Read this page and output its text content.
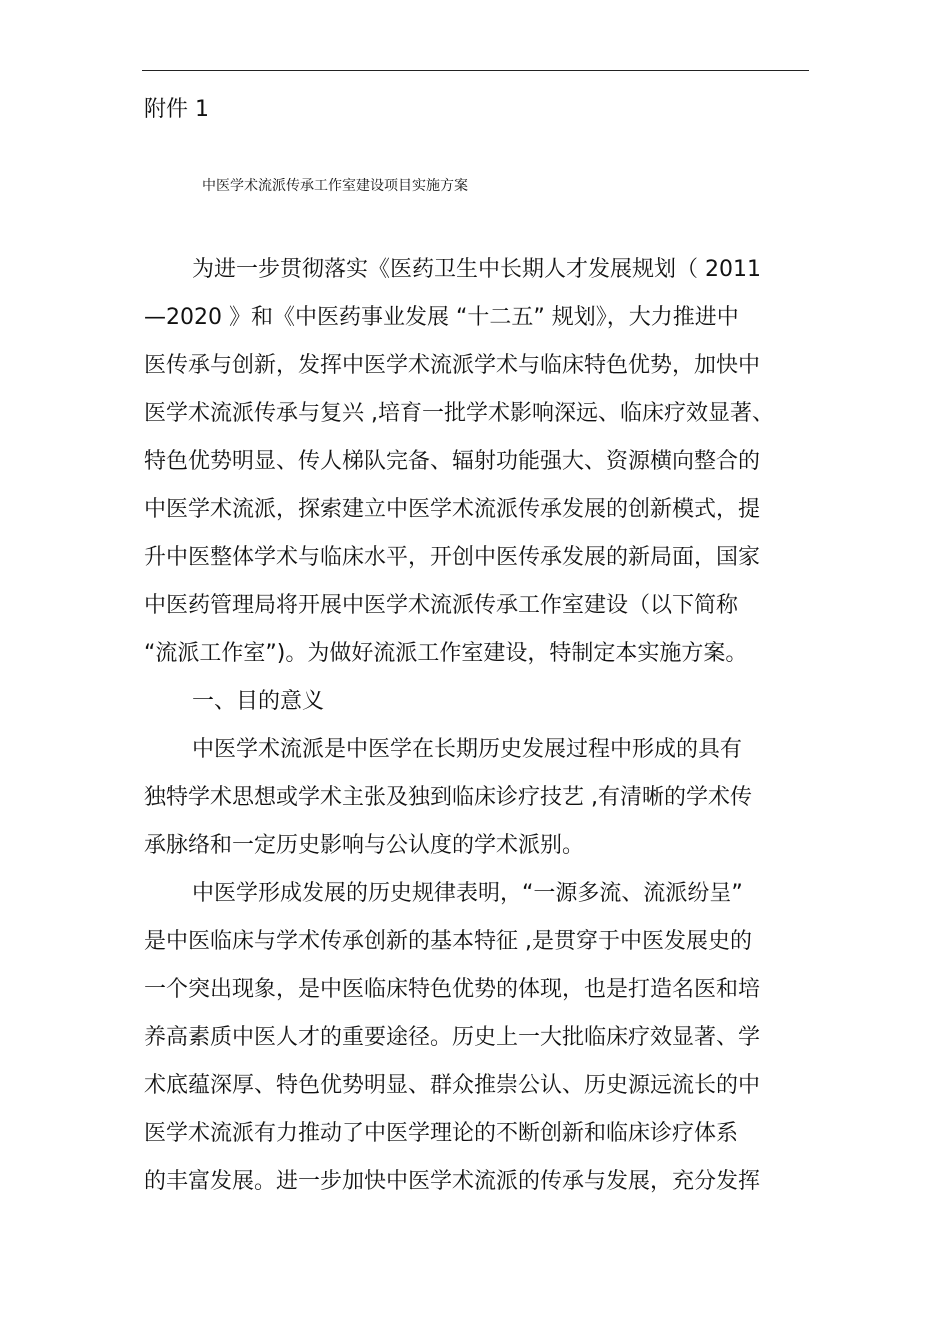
附件 1
中医学术流派传承工作室建设项目实施方案
为进一步贯彻落实《医药卫生中长期人才发展规划（ 2011
—2020 》和《中医药事业发展 “十二五” 规划》，大力推进中
医传承与创新，发挥中医学术流派学术与临床特色优势，加快中
医学术流派传承与复兴 ,培育一批学术影响深远、临床疗效显著、
特色优势明显、传人梯队完备、辐射功能强大、资源横向整合的
中医学术流派，探索建立中医学术流派传承发展的创新模式，提
升中医整体学术与临床水平，开创中医传承发展的新局面，国家
中医药管理局将开展中医学术流派传承工作室建设（以下简称
“流派工作室”)。为做好流派工作室建设，特制定本实施方案。
一、目的意义
中医学术流派是中医学在长期历史发展过程中形成的具有
独特学术思想或学术主张及独到临床诊疗技艺 ,有清晰的学术传
承脉络和一定历史影响与公认度的学术派别。
中医学形成发展的历史规律表明，“一源多流、流派纷呈”
是中医临床与学术传承创新的基本特征 ,是贯穿于中医发展史的
一个突出现象，是中医临床特色优势的体现，也是打造名医和培
养高素质中医人才的重要途径。历史上一大批临床疗效显著、学
术底蕴深厚、特色优势明显、群众推崇公认、历史源远流长的中
医学术流派有力推动了中医学理论的不断创新和临床诊疗体系
的丰富发展。进一步加快中医学术流派的传承与发展，充分发挥
